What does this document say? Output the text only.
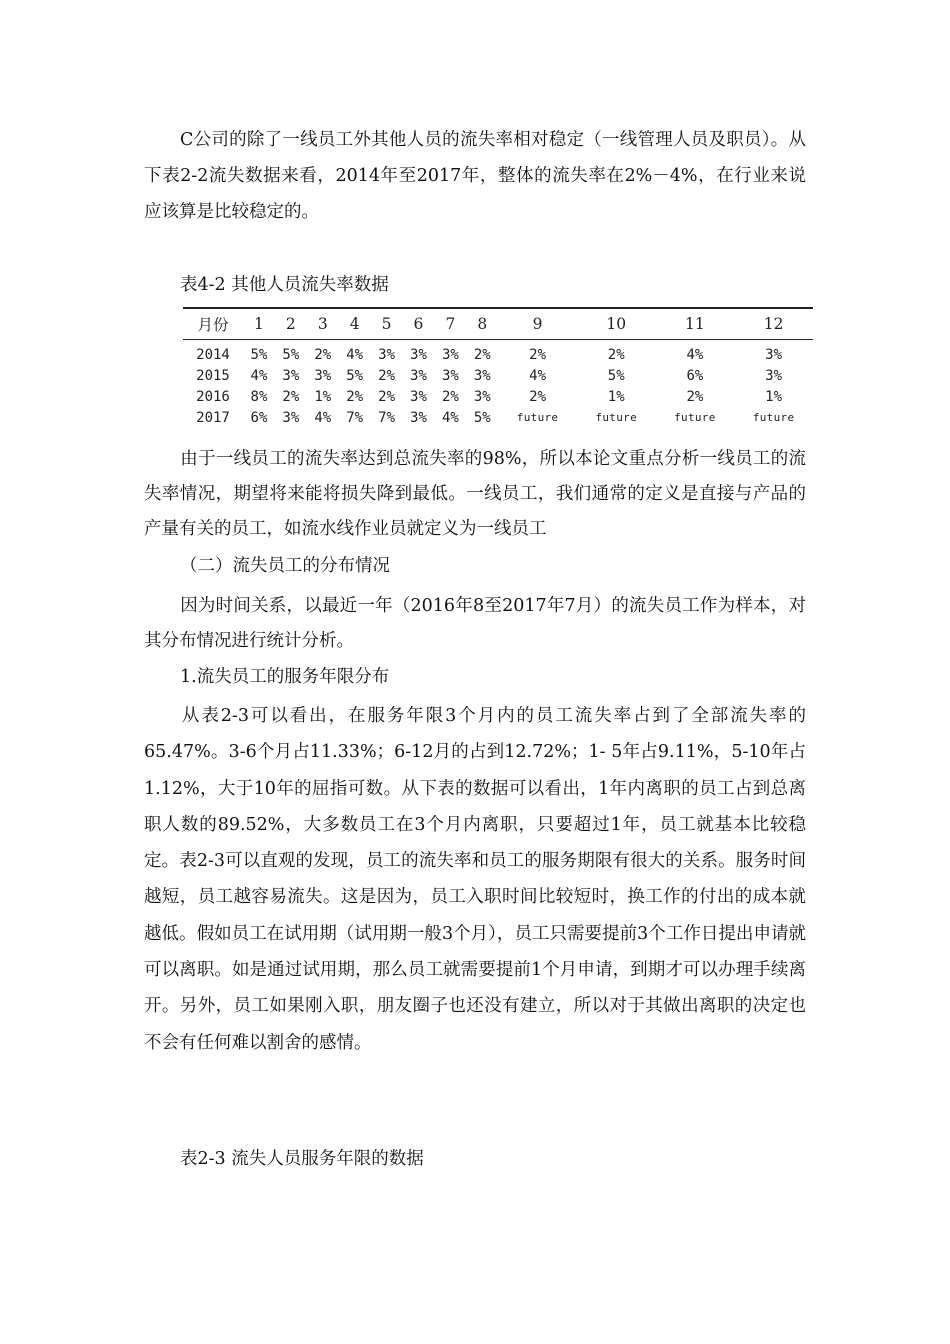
C公司的除了一线员工外其他人员的流失率相对稳定（一线管理人员及职员）。从下表2-2流失数据来看，2014年至2017年，整体的流失率在2%－4%，在行业来说应该算是比较稳定的。

表4-2 其他人员流失率数据

月份	1	2	3	4	5	6	7	8	9	10	11	12
2014	5%	5%	2%	4%	3%	3%	3%	2%	2%	2%	4%	3%
2015	4%	3%	3%	5%	2%	3%	3%	3%	4%	5%	6%	3%
2016	8%	2%	1%	2%	2%	3%	2%	3%	2%	1%	2%	1%
2017	6%	3%	4%	7%	7%	3%	4%	5%	future	future	future	future

由于一线员工的流失率达到总流失率的98%，所以本论文重点分析一线员工的流失率情况，期望将来能将损失降到最低。一线员工，我们通常的定义是直接与产品的产量有关的员工，如流水线作业员就定义为一线员工

（二）流失员工的分布情况

因为时间关系，以最近一年（2016年8至2017年7月）的流失员工作为样本，对其分布情况进行统计分析。

1.流失员工的服务年限分布

从表2-3可以看出，在服务年限3个月内的员工流失率占到了全部流失率的65.47%。3-6个月占11.33%；6-12月的占到12.72%；1- 5年占9.11%，5-10年占1.12%，大于10年的屈指可数。从下表的数据可以看出，1年内离职的员工占到总离职人数的89.52%，大多数员工在3个月内离职，只要超过1年，员工就基本比较稳定。表2-3可以直观的发现，员工的流失率和员工的服务期限有很大的关系。服务时间越短，员工越容易流失。这是因为，员工入职时间比较短时，换工作的付出的成本就越低。假如员工在试用期（试用期一般3个月），员工只需要提前3个工作日提出申请就可以离职。如是通过试用期，那么员工就需要提前1个月申请，到期才可以办理手续离开。另外，员工如果刚入职，朋友圈子也还没有建立，所以对于其做出离职的决定也不会有任何难以割舍的感情。

表2-3 流失人员服务年限的数据
